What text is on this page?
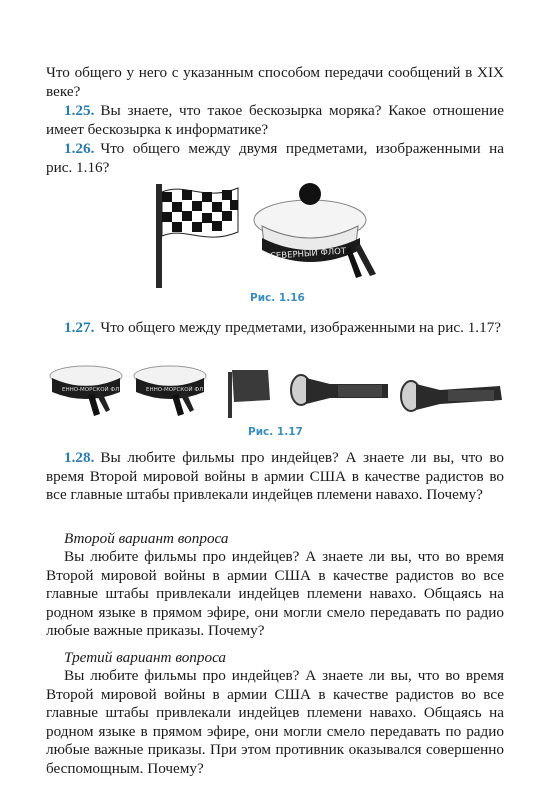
Что общего у него с указанным способом передачи сообщений в XIX веке?

1.25. Вы знаете, что такое бескозырка моряка? Какое отношение имеет бескозырка к информатике?

1.26. Что общего между двумя предметами, изображенными на рис. 1.16?

СЕВЕРНЫЙ ФЛОТ
Рис. 1.16

1.27. Что общего между предметами, изображенными на рис. 1.17?

ЕННО-МОРСКОЙ ФЛ	ЕННО-МОРСКОЙ ФЛ
Рис. 1.17

1.28. Вы любите фильмы про индейцев? А знаете ли вы, что во время Второй мировой войны в армии США в качестве радистов во все главные штабы привлекали индейцев племени навахо. Почему?

Второй вариант вопроса

Вы любите фильмы про индейцев? А знаете ли вы, что во время Второй мировой войны в армии США в качестве радистов во все главные штабы привлекали индейцев племени навахо. Общаясь на родном языке в прямом эфире, они могли смело передавать по радио любые важные приказы. Почему?

Третий вариант вопроса

Вы любите фильмы про индейцев? А знаете ли вы, что во время Второй мировой войны в армии США в качестве радистов во все главные штабы привлекали индейцев племени навахо. Общаясь на родном языке в прямом эфире, они могли смело передавать по радио любые важные приказы. При этом противник оказывался совершенно беспомощным. Почему?
